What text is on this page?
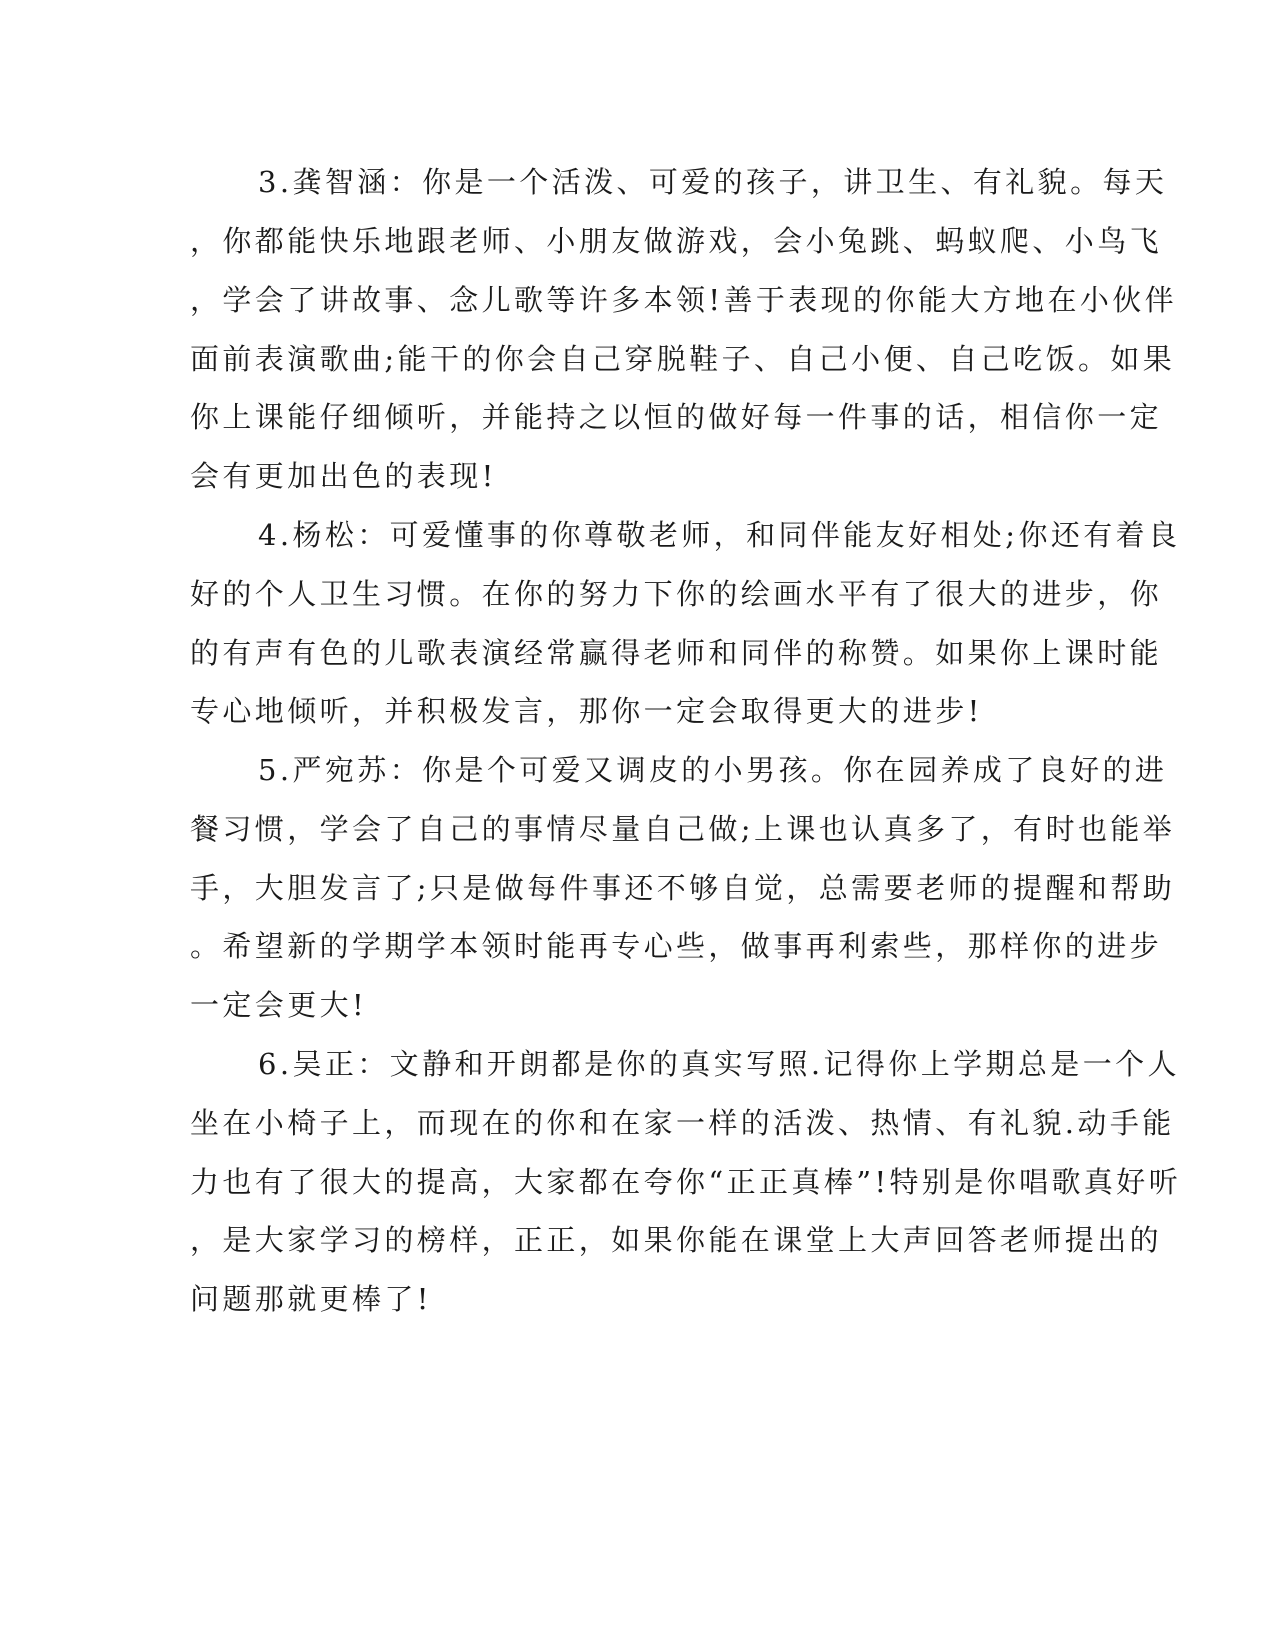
3.龚智涵：你是一个活泼、可爱的孩子，讲卫生、有礼貌。每天
，你都能快乐地跟老师、小朋友做游戏，会小兔跳、蚂蚁爬、小鸟飞
，学会了讲故事、念儿歌等许多本领!善于表现的你能大方地在小伙伴
面前表演歌曲;能干的你会自己穿脱鞋子、自己小便、自己吃饭。如果
你上课能仔细倾听，并能持之以恒的做好每一件事的话，相信你一定
会有更加出色的表现!
4.杨松：可爱懂事的你尊敬老师，和同伴能友好相处;你还有着良
好的个人卫生习惯。在你的努力下你的绘画水平有了很大的进步，你
的有声有色的儿歌表演经常赢得老师和同伴的称赞。如果你上课时能
专心地倾听，并积极发言，那你一定会取得更大的进步!
5.严宛苏：你是个可爱又调皮的小男孩。你在园养成了良好的进
餐习惯，学会了自己的事情尽量自己做;上课也认真多了，有时也能举
手，大胆发言了;只是做每件事还不够自觉，总需要老师的提醒和帮助
。希望新的学期学本领时能再专心些，做事再利索些，那样你的进步
一定会更大!
6.吴正：文静和开朗都是你的真实写照.记得你上学期总是一个人
坐在小椅子上，而现在的你和在家一样的活泼、热情、有礼貌.动手能
力也有了很大的提高，大家都在夸你“正正真棒”!特别是你唱歌真好听
，是大家学习的榜样，正正，如果你能在课堂上大声回答老师提出的
问题那就更棒了!
